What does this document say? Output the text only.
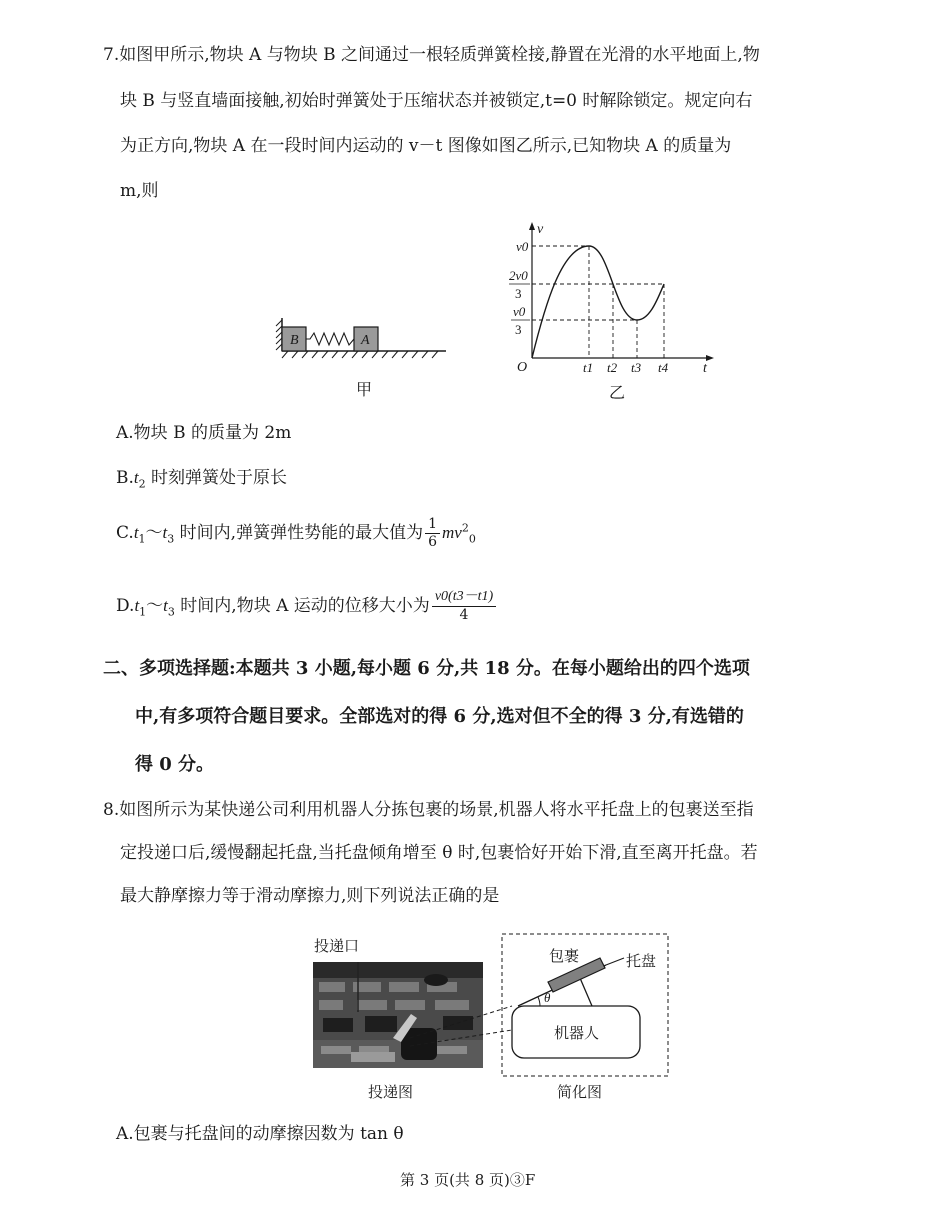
7.如图甲所示,物块 A 与物块 B 之间通过一根轻质弹簧栓接,静置在光滑的水平地面上,物
块 B 与竖直墙面接触,初始时弹簧处于压缩状态并被锁定,t=0 时解除锁定。规定向右
为正方向,物块 A 在一段时间内运动的 v－t 图像如图乙所示,已知物块 A 的质量为
m,则
B	A
甲
v
t
O
v0
2v0
3
v0
3
t1 t2 t3 t4
乙
A.物块 B 的质量为 2m
$B.t_2$ 时刻弹簧处于原长
$C.t_1\sim t_3$ 时间内,弹簧弹性势能的最大值为 $\frac{1}{6} mv^2_0$
$D.t_1\sim t_3$ 时间内,物块 A 运动的位移大小为 $\frac{v0(t3-t1)}{4}$
二、多项选择题:本题共 3 小题,每小题 6 分,共 18 分。在每小题给出的四个选项
中,有多项符合题目要求。全部选对的得 6 分,选对但不全的得 3 分,有选错的
得 0 分。
8.如图所示为某快递公司利用机器人分拣包裹的场景,机器人将水平托盘上的包裹送至指
定投递口后,缓慢翻起托盘,当托盘倾角增至 θ 时,包裹恰好开始下滑,直至离开托盘。若
最大静摩擦力等于滑动摩擦力,则下列说法正确的是
投递口
投递图
θ
包裹	托盘
机器人
简化图
A.包裹与托盘间的动摩擦因数为 tan θ
第 3 页(共 8 页)③F
